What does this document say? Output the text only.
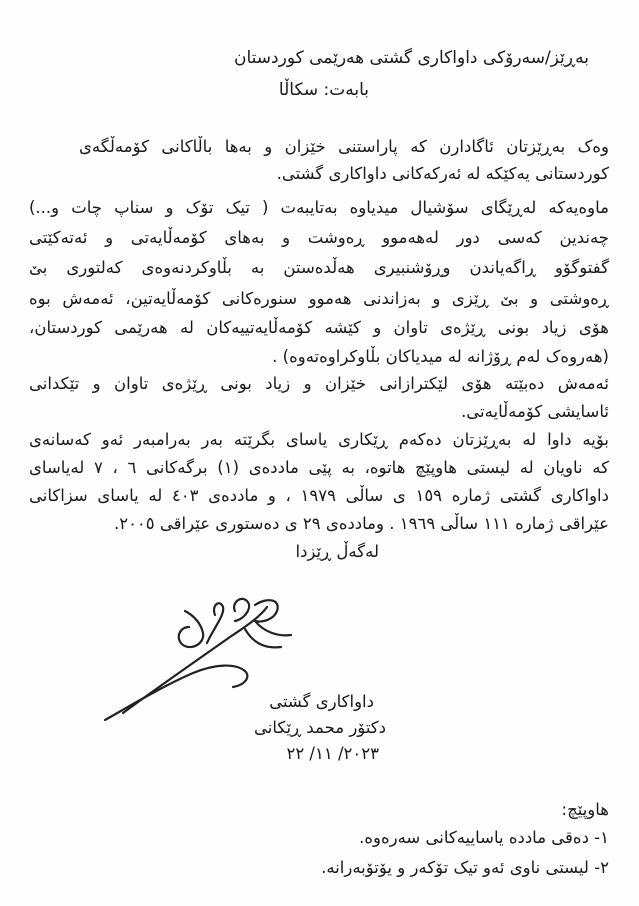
بەڕێز/سەرۆکی داواکاری گشتی هەرێمی کوردستان
بابەت: سکاڵا
وەک بەڕێزتان ئاگادارن کە پاراستنی خێزان و بەها باڵاکانی کۆمەڵگەی
کوردستانی یەکێکە لە ئەرکەکانی داواکاری گشتی.
ماوەیەکە لەڕێگای سۆشیال میدیاوە بەتایبەت ( تیک تۆک و سناپ چات و...)
چەندین کەسی دور لەهەموو ڕەوشت و بەهای کۆمەڵایەتی و ئەتەکێتی
گفتوگۆو ڕاگەیاندن وڕۆشنبیری هەڵدەستن بە بڵاوکردنەوەی کەلتوری بێ
ڕەوشتی و بێ ڕێزی و بەزاندنی هەموو سنورەکانی کۆمەڵایەتین، ئەمەش بوە
هۆی زیاد بونی ڕێژەی تاوان و کێشە کۆمەڵایەتییەکان لە هەرێمی کوردستان،
(هەروەک لەم ڕۆژانە لە میدیاکان بڵاوکراوەتەوە) .
ئەمەش دەبێتە هۆی لێکترازانی خێزان و زیاد بونی ڕێژەی تاوان و تێکدانی
ئاسایشی کۆمەڵایەتی.
بۆیە داوا لە بەڕێزتان دەکەم ڕێکاری یاسای بگرێتە بەر بەرامبەر ئەو کەسانەی
کە ناویان لە لیستی هاوپێچ هاتوە، بە پێی ماددەی (١) برگەکانی ٦ ، ٧ لەیاسای
داواکاری گشتی ژمارە ١٥٩ ی ساڵی ١٩٧٩ ، و ماددەی ٤٠٣ لە یاسای سزاکانی
عێراقی ژمارە ١١١ ساڵی ١٩٦٩ . وماددەی ٢٩ ی دەستوری عێراقی ٢٠٠٥.
لەگەڵ ڕێزدا
داواکاری گشتی
دکتۆر محمد ڕێکانی
٢٠٢٣/ ١١/ ٢٢
هاوپێچ:
١- دەقی ماددە یاساییەکانی سەرەوە.
٢- لیستی ناوی ئەو تیک تۆکەر و یۆتۆبەرانە.
